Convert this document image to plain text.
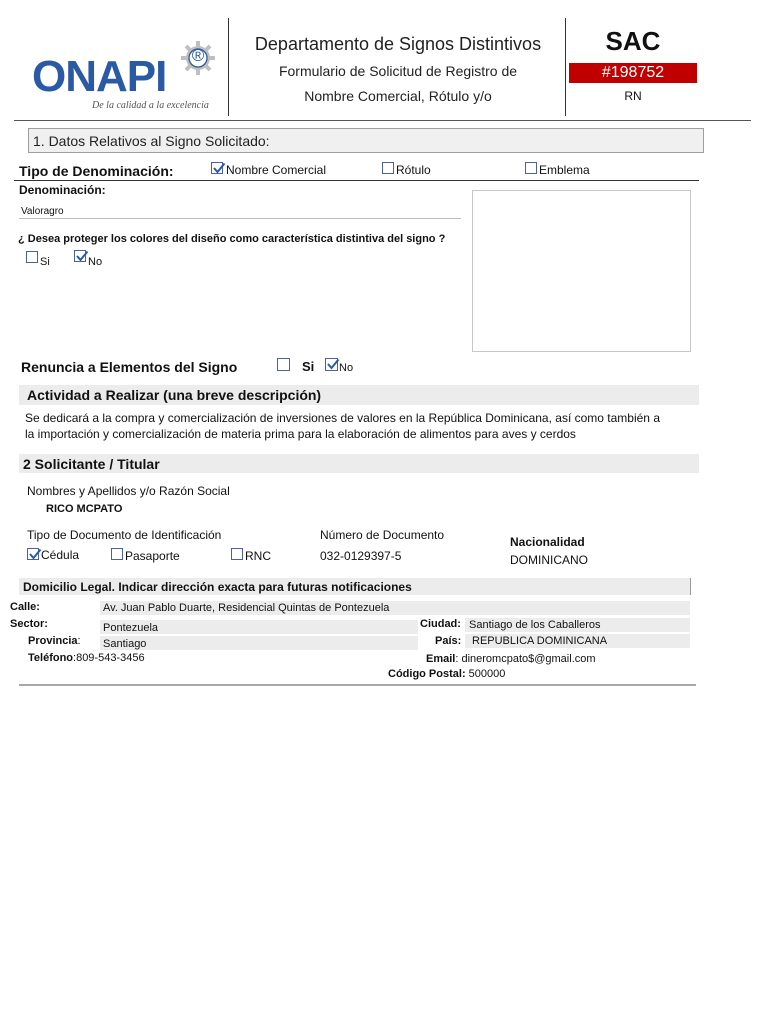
ONAPI ®
De la calidad a la excelencia
Departamento de Signos Distintivos
Formulario de Solicitud de Registro de
Nombre Comercial, Rótulo y/o
SAC
#198752
RN
1. Datos Relativos al Signo Solicitado:
Tipo de Denominación:	Nombre Comercial	Rótulo	Emblema
Denominación:
Valoragro
¿ Desea proteger los colores del diseño como característica distintiva del signo ?
Si	No
Renuncia a Elementos del Signo	Si No
Actividad a Realizar (una breve descripción)
Se dedicará a la compra y comercialización de inversiones de valores en la República Dominicana, así como también a
la importación y comercialización de materia prima para la elaboración de alimentos para aves y cerdos
2 Solicitante / Titular
Nombres y Apellidos y/o Razón Social
RICO MCPATO
Tipo de Documento de Identificación	Número de Documento	Nacionalidad
Cédula	Pasaporte	RNC	032-0129397-5	DOMINICANO
Domicilio Legal. Indicar dirección exacta para futuras notificaciones
Calle:	Av. Juan Pablo Duarte, Residencial Quintas de Pontezuela
Sector:	Pontezuela	Ciudad: Santiago de los Caballeros
Provincia: Santiago	País: REPUBLICA DOMINICANA
Teléfono:809-543-3456	Email: dineromcpato$@gmail.com
Código Postal: 500000
